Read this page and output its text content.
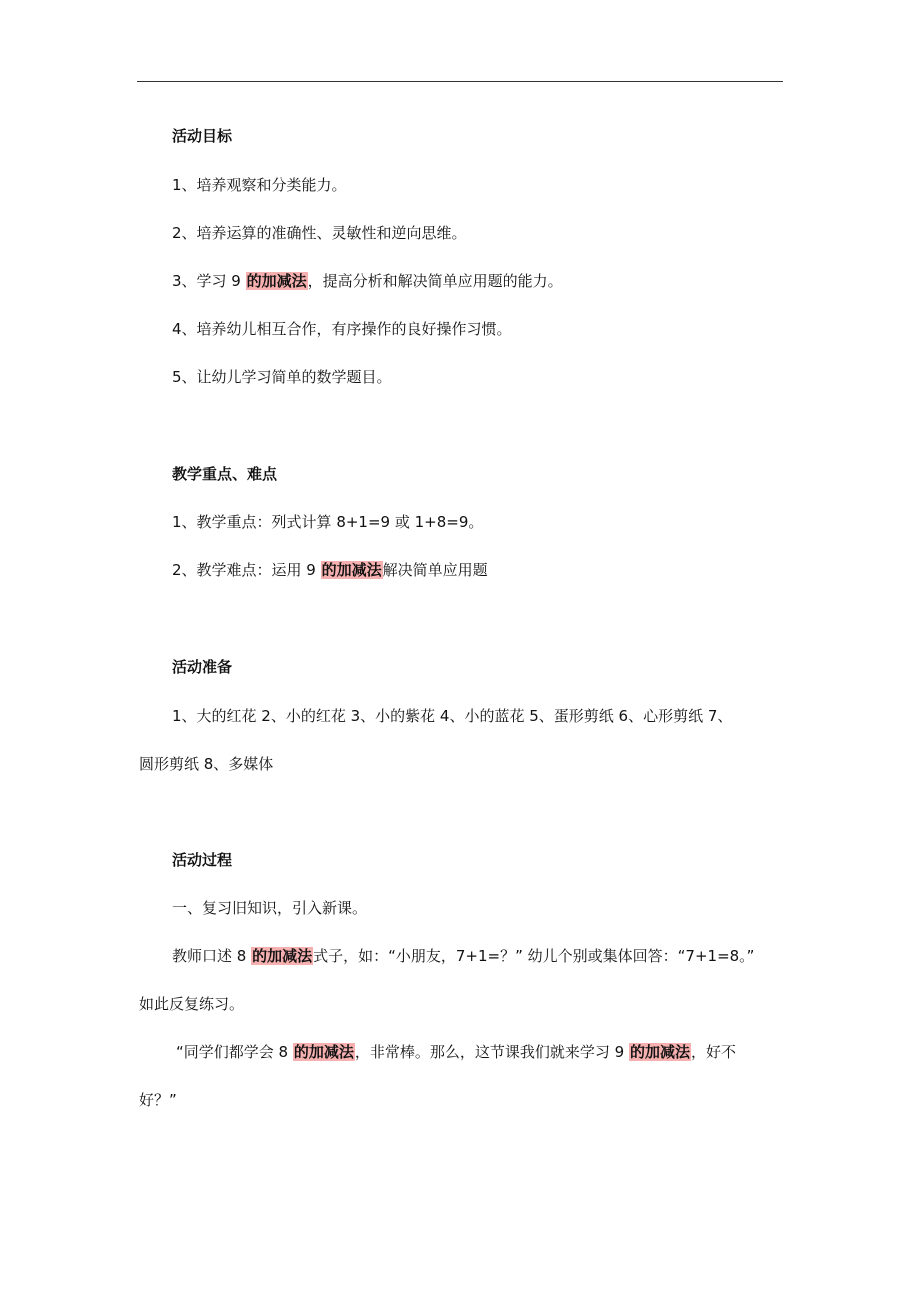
活动目标

1、培养观察和分类能力。

2、培养运算的准确性、灵敏性和逆向思维。

3、学习 9 的加减法，提高分析和解决简单应用题的能力。

4、培养幼儿相互合作，有序操作的良好操作习惯。

5、让幼儿学习简单的数学题目。

教学重点、难点

1、教学重点：列式计算 8+1=9 或 1+8=9。

2、教学难点：运用 9 的加减法解决简单应用题

活动准备

1、大的红花 2、小的红花 3、小的紫花 4、小的蓝花 5、蛋形剪纸 6、心形剪纸 7、

圆形剪纸 8、多媒体

活动过程

一、复习旧知识，引入新课。

教师口述 8 的加减法式子，如：“小朋友，7+1=？” 幼儿个别或集体回答：“7+1=8。”

如此反复练习。

“同学们都学会 8 的加减法，非常棒。那么，这节课我们就来学习 9 的加减法，好不

好？”
